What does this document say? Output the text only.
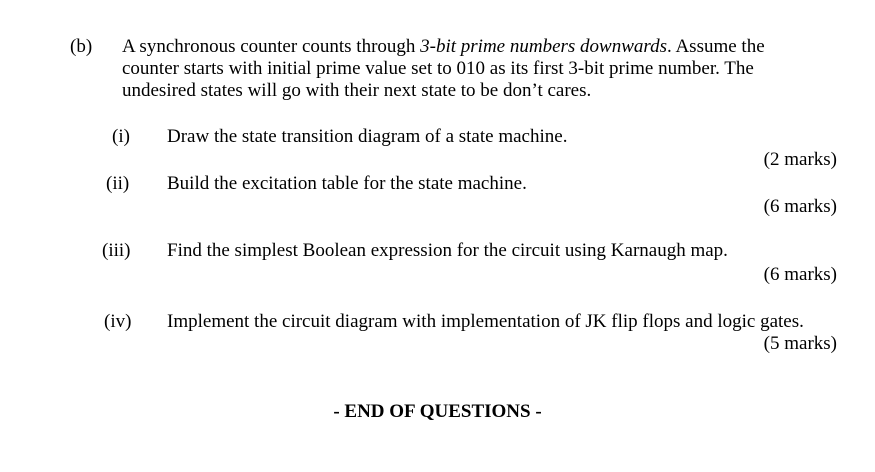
(b) A synchronous counter counts through 3-bit prime numbers downwards. Assume the
counter starts with initial prime value set to 010 as its first 3-bit prime number. The
undesired states will go with their next state to be don’t cares.
(i) Draw the state transition diagram of a state machine.
(2 marks)
(ii) Build the excitation table for the state machine.
(6 marks)
(iii) Find the simplest Boolean expression for the circuit using Karnaugh map.
(6 marks)
(iv) Implement the circuit diagram with implementation of JK flip flops and logic gates.
(5 marks)
- END OF QUESTIONS -
